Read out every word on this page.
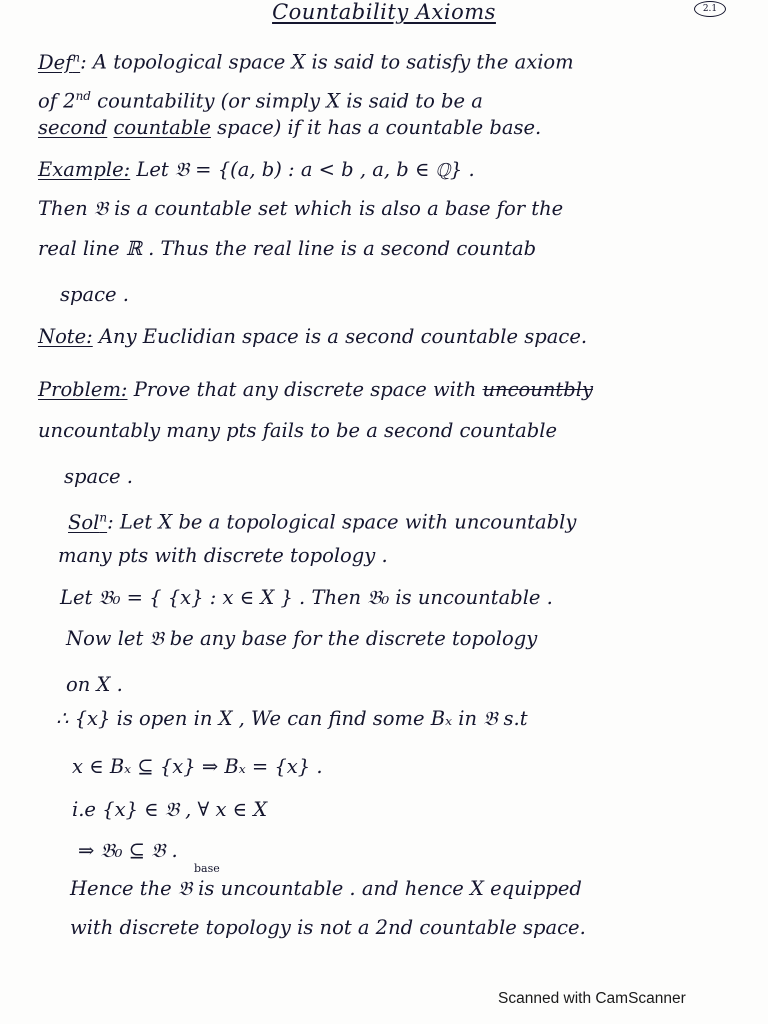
Countability Axioms	2.1
Def$^n$: A topological space X is said to satisfy the axiom
of 2nd countability (or simply X is said to be a
second countable space) if it has a countable base.
Example: Let 𝔅 = {(a, b) : a < b , a, b ∈ ℚ} .
Then 𝔅 is a countable set which is also a base for the
real line ℝ . Thus the real line is a second countab
space .
Note: Any Euclidian space is a second countable space.
Problem: Prove that any discrete space with uncountbly
uncountably many pts fails to be a second countable
space .
Sol$^n$: Let X be a topological space with uncountably
many pts with discrete topology .
Let 𝔅₀ = { {x} : x ∈ X } . Then 𝔅₀ is uncountable .
Now let 𝔅 be any base for the discrete topology
on X .
∴ {x} is open in X , We can find some Bₓ in 𝔅 s.t
x ∈ Bₓ ⊆ {x} ⇒ Bₓ = {x} .
i.e {x} ∈ 𝔅 , ∀ x ∈ X
⇒ 𝔅₀ ⊆ 𝔅 .
base
Hence the 𝔅 is uncountable . and hence X equipped
with discrete topology is not a 2nd countable space.
Scanned with CamScanner
